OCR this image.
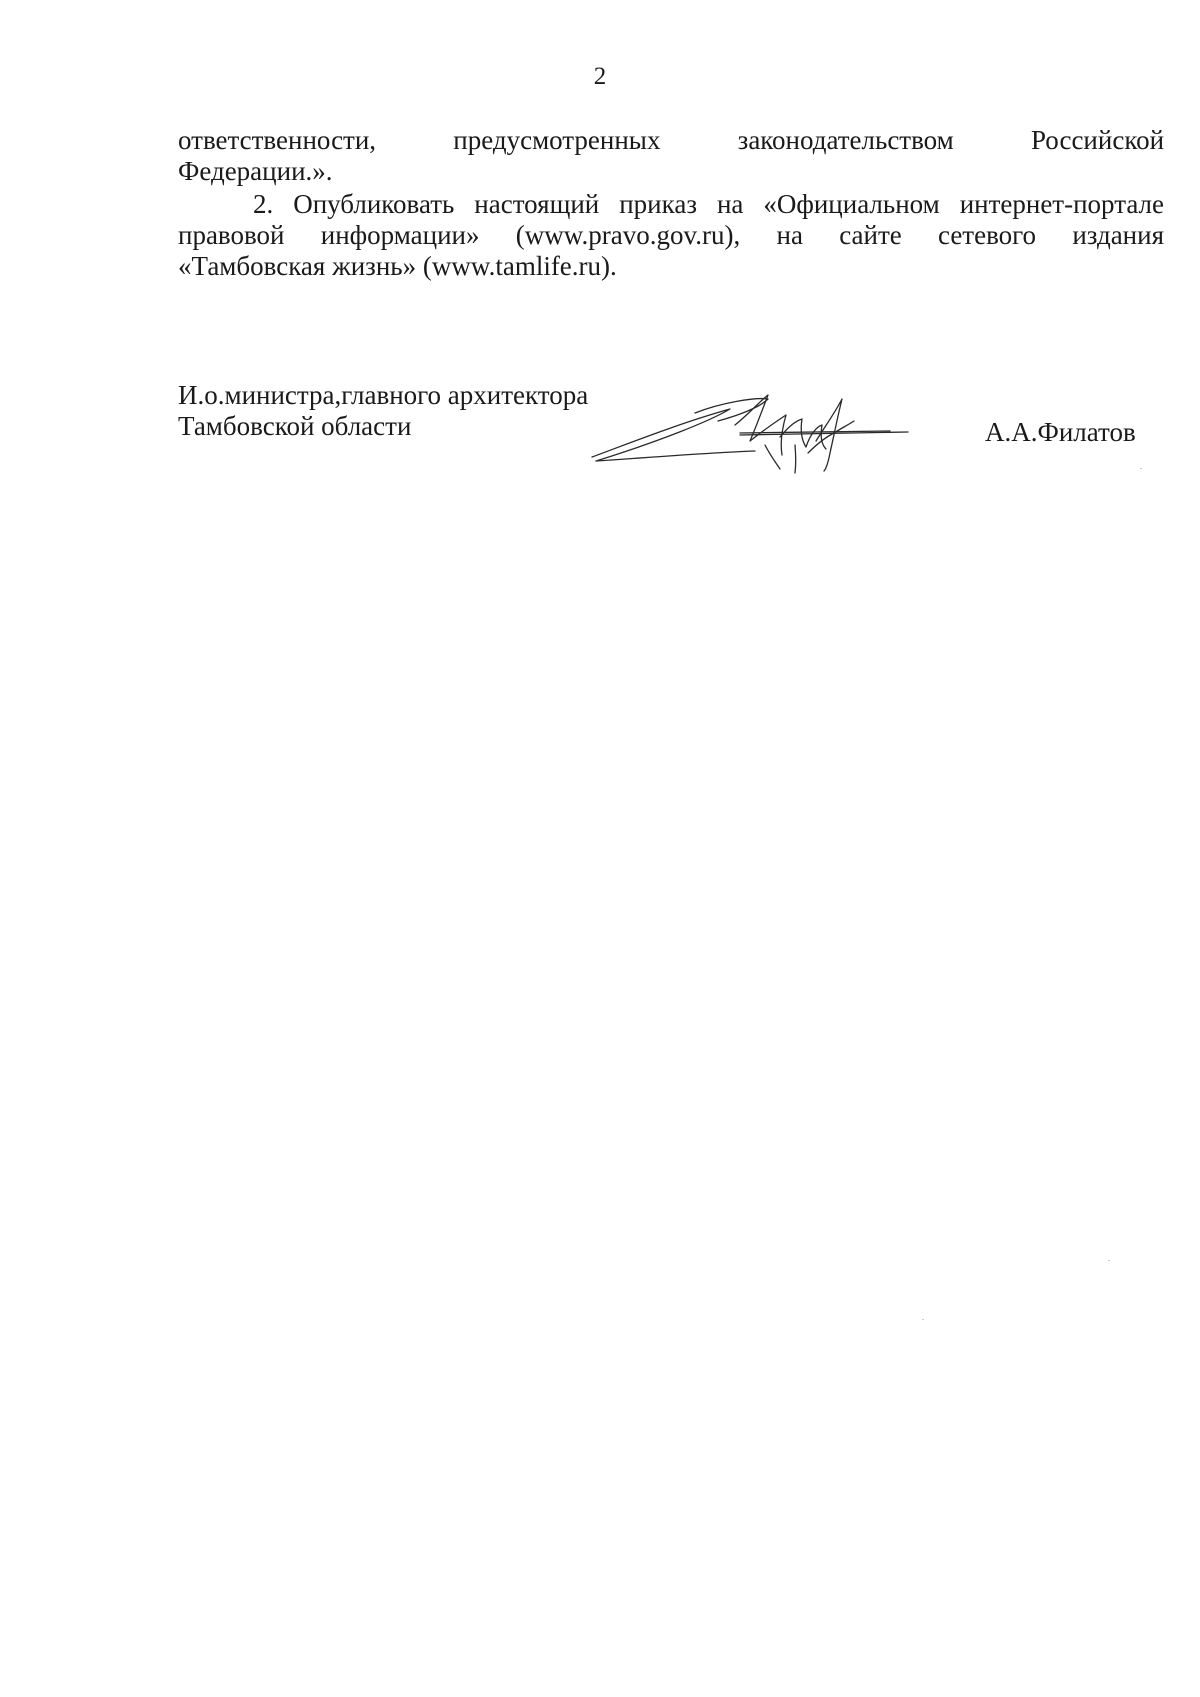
2
ответственности,	предусмотренных	законодательством	Российской
Федерации.».
2. Опубликовать настоящий приказ на «Официальном интернет-портале
правовой информации» (www.pravo.gov.ru), на сайте сетевого издания
«Тамбовская жизнь» (www.tamlife.ru).
И.о.министра,главного архитектора
Тамбовской области	А.А.Филатов
